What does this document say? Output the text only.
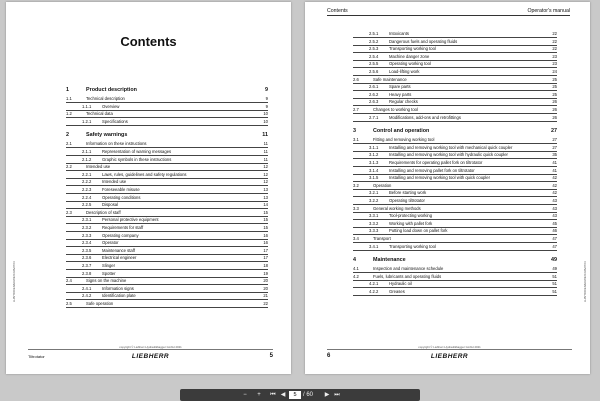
Contents
1	Product description	9
1.1	Technical description	9
1.1.1	Overview	9
1.2	Technical data	10
1.2.1	Specifications	10
2	Safety warnings	11
2.1	Information on these instructions	11
2.1.1	Representation of warning messages	11
2.1.2	Graphic symbols in these instructions	11
2.2	Intended use	12
2.2.1	Laws, rules, guidelines and safety regulations	12
2.2.2	Intended use	12
2.2.3	Foreseeable misuse	13
2.2.4	Operating conditions	13
2.2.5	Disposal	14
2.3	Description of staff	15
2.3.1	Personal protective equipment	15
2.3.2	Requirements for staff	15
2.3.3	Operating company	16
2.3.4	Operator	16
2.3.5	Maintenance staff	17
2.3.6	Electrical engineer	17
2.3.7	Slinger	18
2.3.8	Spotter	19
2.4	Signs on the machine	20
2.4.1	Information signs	20
2.4.2	Identification plate	21
2.5	Safe operation	22
LHB/TRO/EN/EN/0920-MA/2764
copyright © Liebherr-Hydraulikbagger GmbH 2021
Tiltrotator	LIEBHERR	5
Contents	Operator's manual
2.5.1	Intoxicants	22
2.5.2	Dangerous fuels and operating fluids	22
2.5.3	Transporting working tool	22
2.5.4	Machine danger zone	23
2.5.5	Operating working tool	23
2.5.6	Load-lifting work	24
2.6	Safe maintenance	25
2.6.1	Spare parts	25
2.6.2	Heavy parts	25
2.6.3	Regular checks	26
2.7	Changes to working tool	26
2.7.1	Modifications, add-ons and retrofittings	26
3	Control and operation	27
3.1	Fitting and removing working tool	27
3.1.1	Installing and removing working tool with mechanical quick coupler	27
3.1.2	Installing and removing working tool with hydraulic quick coupler	35
3.1.3	Requirements for operating pallet fork on tiltrotator	41
3.1.4	Installing and removing pallet fork on tiltrotator	41
3.1.5	Installing and removing working tool with quick coupler	42
3.2	Operation	42
3.2.1	Before starting work	42
3.2.2	Operating tiltrotator	43
3.3	General working methods	43
3.3.1	Tool-protecting working	43
3.3.2	Working with pallet fork	45
3.3.3	Putting load down on pallet fork	46
3.4	Transport	47
3.4.1	Transporting working tool	47
4	Maintenance	49
4.1	Inspection and maintenance schedule	49
4.2	Fuels, lubricants and operating fluids	51
4.2.1	Hydraulic oil	51
4.2.2	Greases	51	LHB/TRO/EN/EN/0920-MA/2764
copyright © Liebherr-Hydraulikbagger GmbH 2021
6	LIEBHERR
−	+	⏮ ◀	5	/ 60	▶ ⏭
